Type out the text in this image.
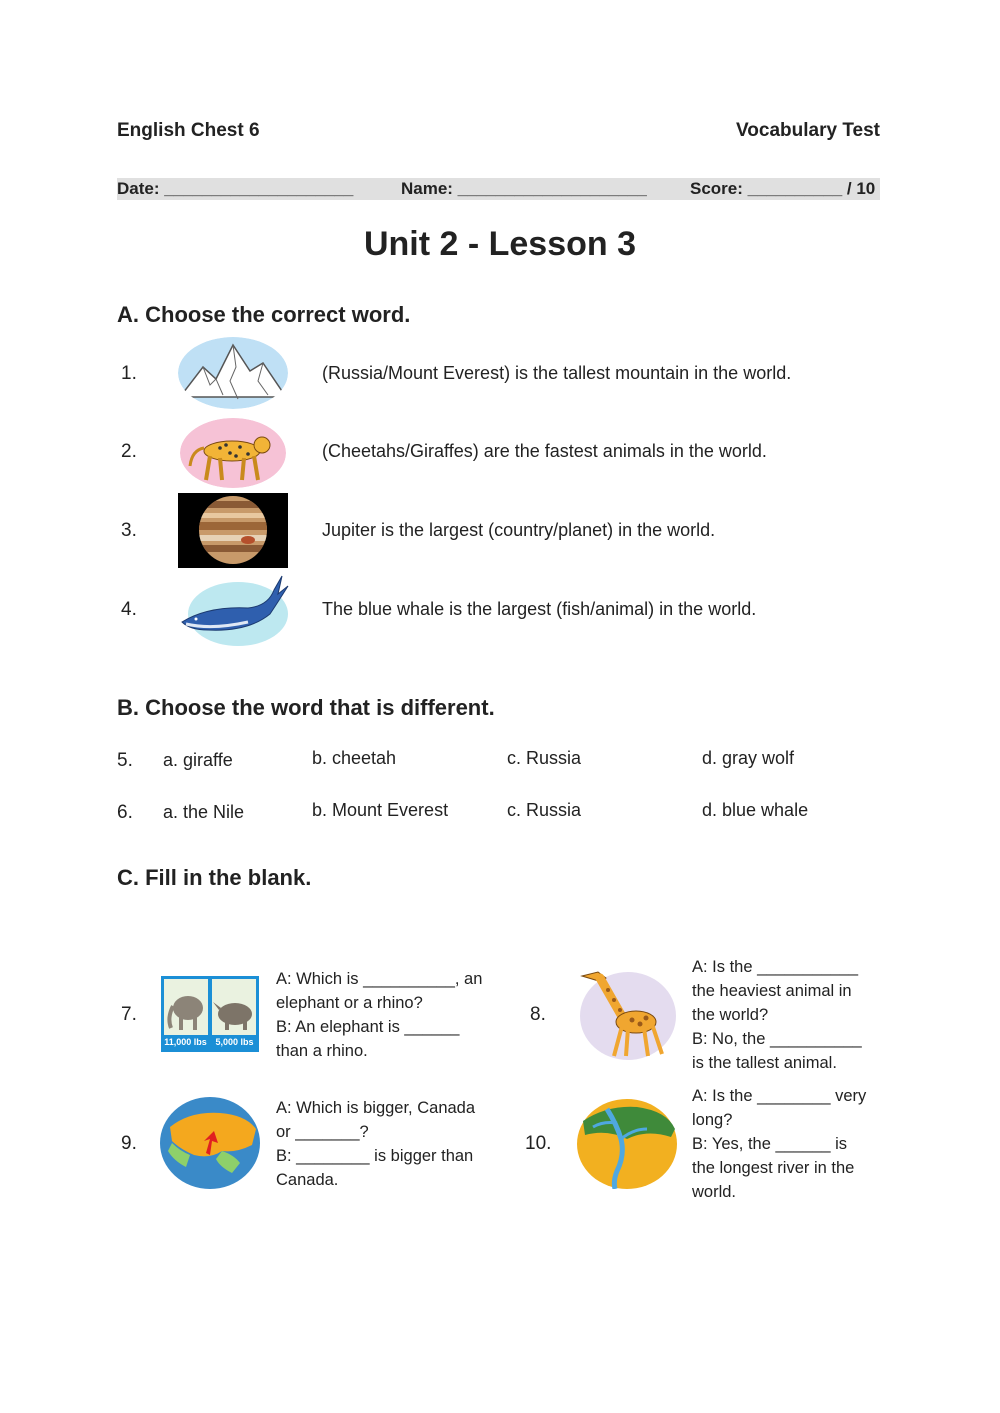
English Chest 6	Vocabulary Test
Date: ____________________	Name: ____________________	Score: __________ / 10
Unit 2 - Lesson 3
A. Choose the correct word.
1.	(Russia/Mount Everest) is the tallest mountain in the world.
2.	(Cheetahs/Giraffes) are the fastest animals in the world.
3.	Jupiter is the largest (country/planet) in the world.
4.	The blue whale is the largest (fish/animal) in the world.
B. Choose the word that is different.
5. a. giraffe	b. cheetah	c. Russia	d. gray wolf
6. a. the Nile	b. Mount Everest	c. Russia	d. blue whale
C. Fill in the blank.
7.
11,000 lbs 5,000 lbs
A: Which is __________, an
elephant or a rhino?
B: An elephant is ______
than a rhino.
8.
A: Is the ___________
the heaviest animal in
the world?
B: No, the __________
is the tallest animal.
9.
A: Which is bigger, Canada
or _______?
B: ________ is bigger than
Canada.
10.
A: Is the ________ very
long?
B: Yes, the ______ is
the longest river in the
world.
